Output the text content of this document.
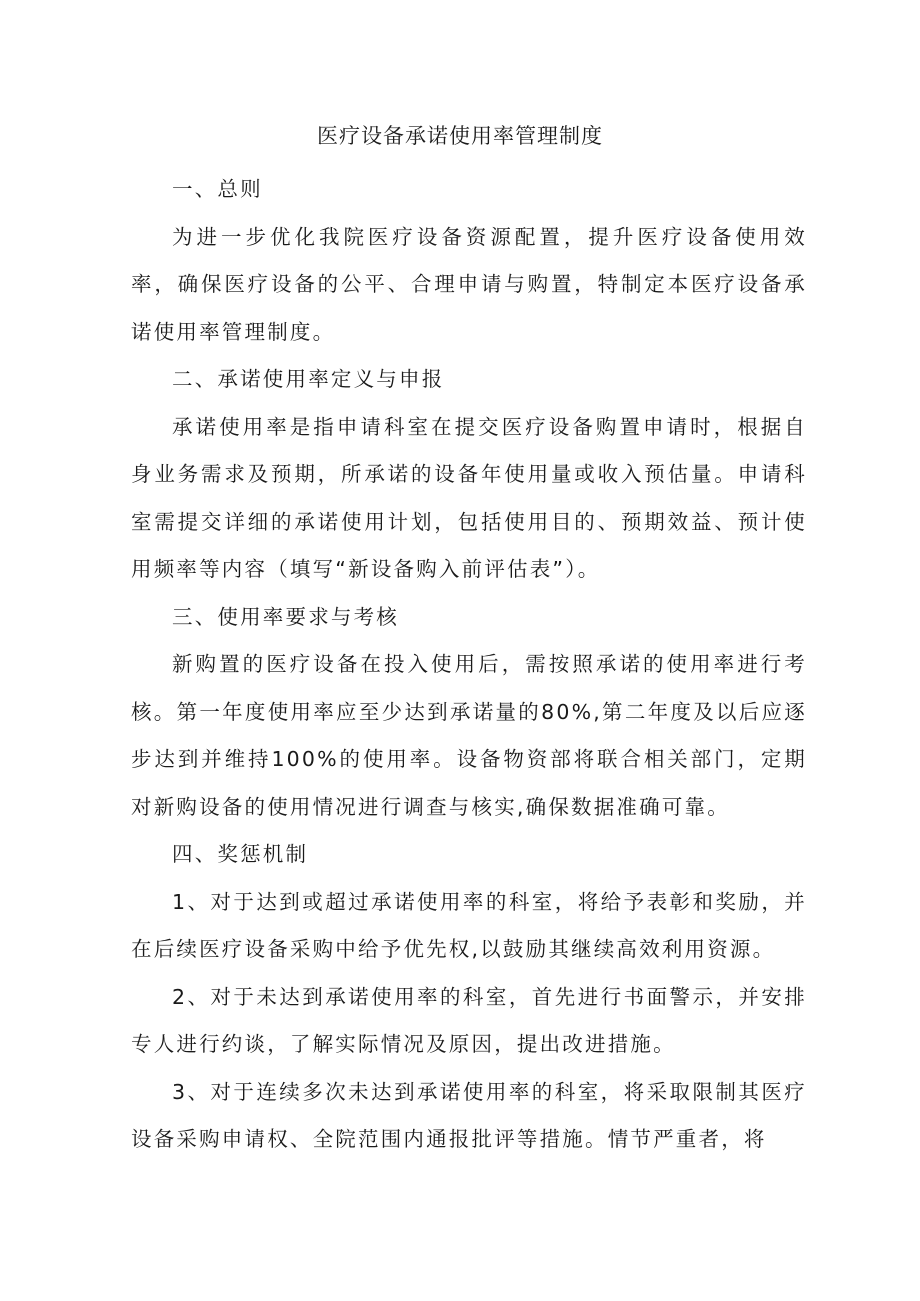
医疗设备承诺使用率管理制度

一、总则

为进一步优化我院医疗设备资源配置，提升医疗设备使用效率，确保医疗设备的公平、合理申请与购置，特制定本医疗设备承诺使用率管理制度。

二、承诺使用率定义与申报

承诺使用率是指申请科室在提交医疗设备购置申请时，根据自身业务需求及预期，所承诺的设备年使用量或收入预估量。申请科室需提交详细的承诺使用计划，包括使用目的、预期效益、预计使用频率等内容（填写“新设备购入前评估表”）。

三、使用率要求与考核

新购置的医疗设备在投入使用后，需按照承诺的使用率进行考核。第一年度使用率应至少达到承诺量的80%,第二年度及以后应逐步达到并维持100%的使用率。设备物资部将联合相关部门，定期对新购设备的使用情况进行调查与核实,确保数据准确可靠。

四、奖惩机制

1、对于达到或超过承诺使用率的科室，将给予表彰和奖励，并在后续医疗设备采购中给予优先权,以鼓励其继续高效利用资源。

2、对于未达到承诺使用率的科室，首先进行书面警示，并安排专人进行约谈，了解实际情况及原因，提出改进措施。

3、对于连续多次未达到承诺使用率的科室，将采取限制其医疗设备采购申请权、全院范围内通报批评等措施。情节严重者，将
